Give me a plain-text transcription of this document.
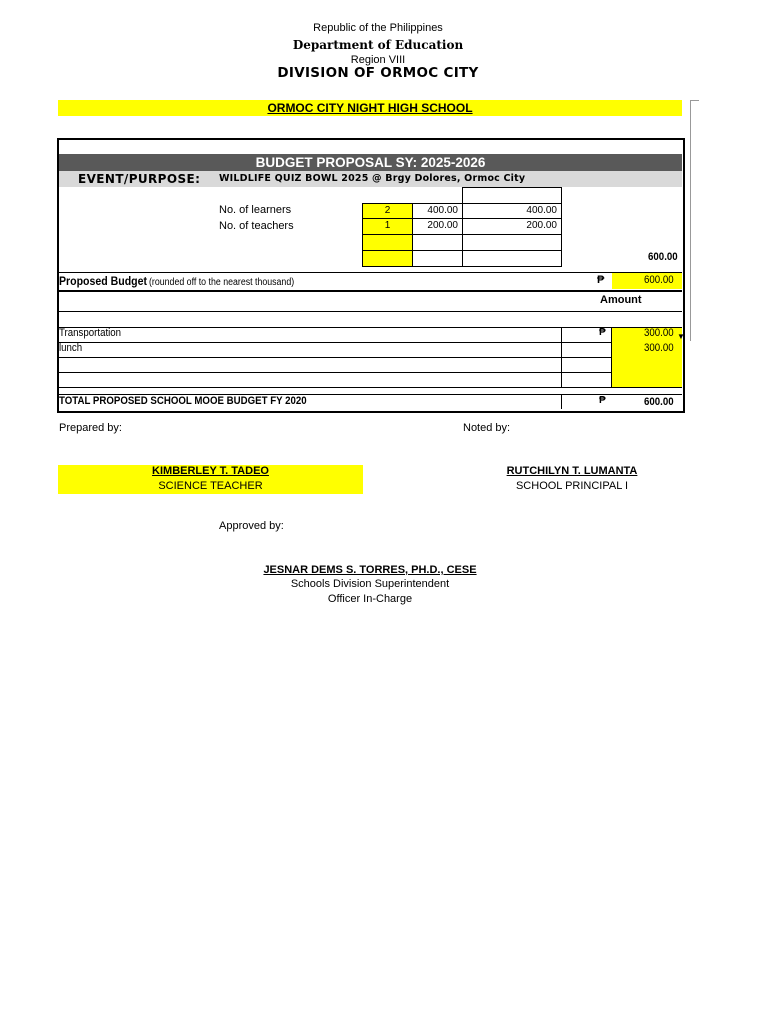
Republic of the Philippines
Department of Education
Region VIII
DIVISION OF ORMOC CITY
ORMOC CITY NIGHT HIGH SCHOOL
BUDGET PROPOSAL SY: 2025-2026
EVENT/PURPOSE: WILDLIFE QUIZ BOWL 2025 @ Brgy Dolores, Ormoc City
No. of learners	2	400.00	400.00
No. of teachers	1	200.00	200.00
600.00
Proposed Budget (rounded off to the nearest thousand)	₱	600.00
Amount
Transportation	₱	300.00
lunch	300.00
▼
TOTAL PROPOSED SCHOOL MOOE BUDGET FY 2020	₱	600.00
Prepared by:	Noted by:
KIMBERLEY T. TADEO
SCIENCE TEACHER
RUTCHILYN T. LUMANTA
SCHOOL PRINCIPAL I
Approved by:
JESNAR DEMS S. TORRES, PH.D., CESE
Schools Division Superintendent
Officer In-Charge
